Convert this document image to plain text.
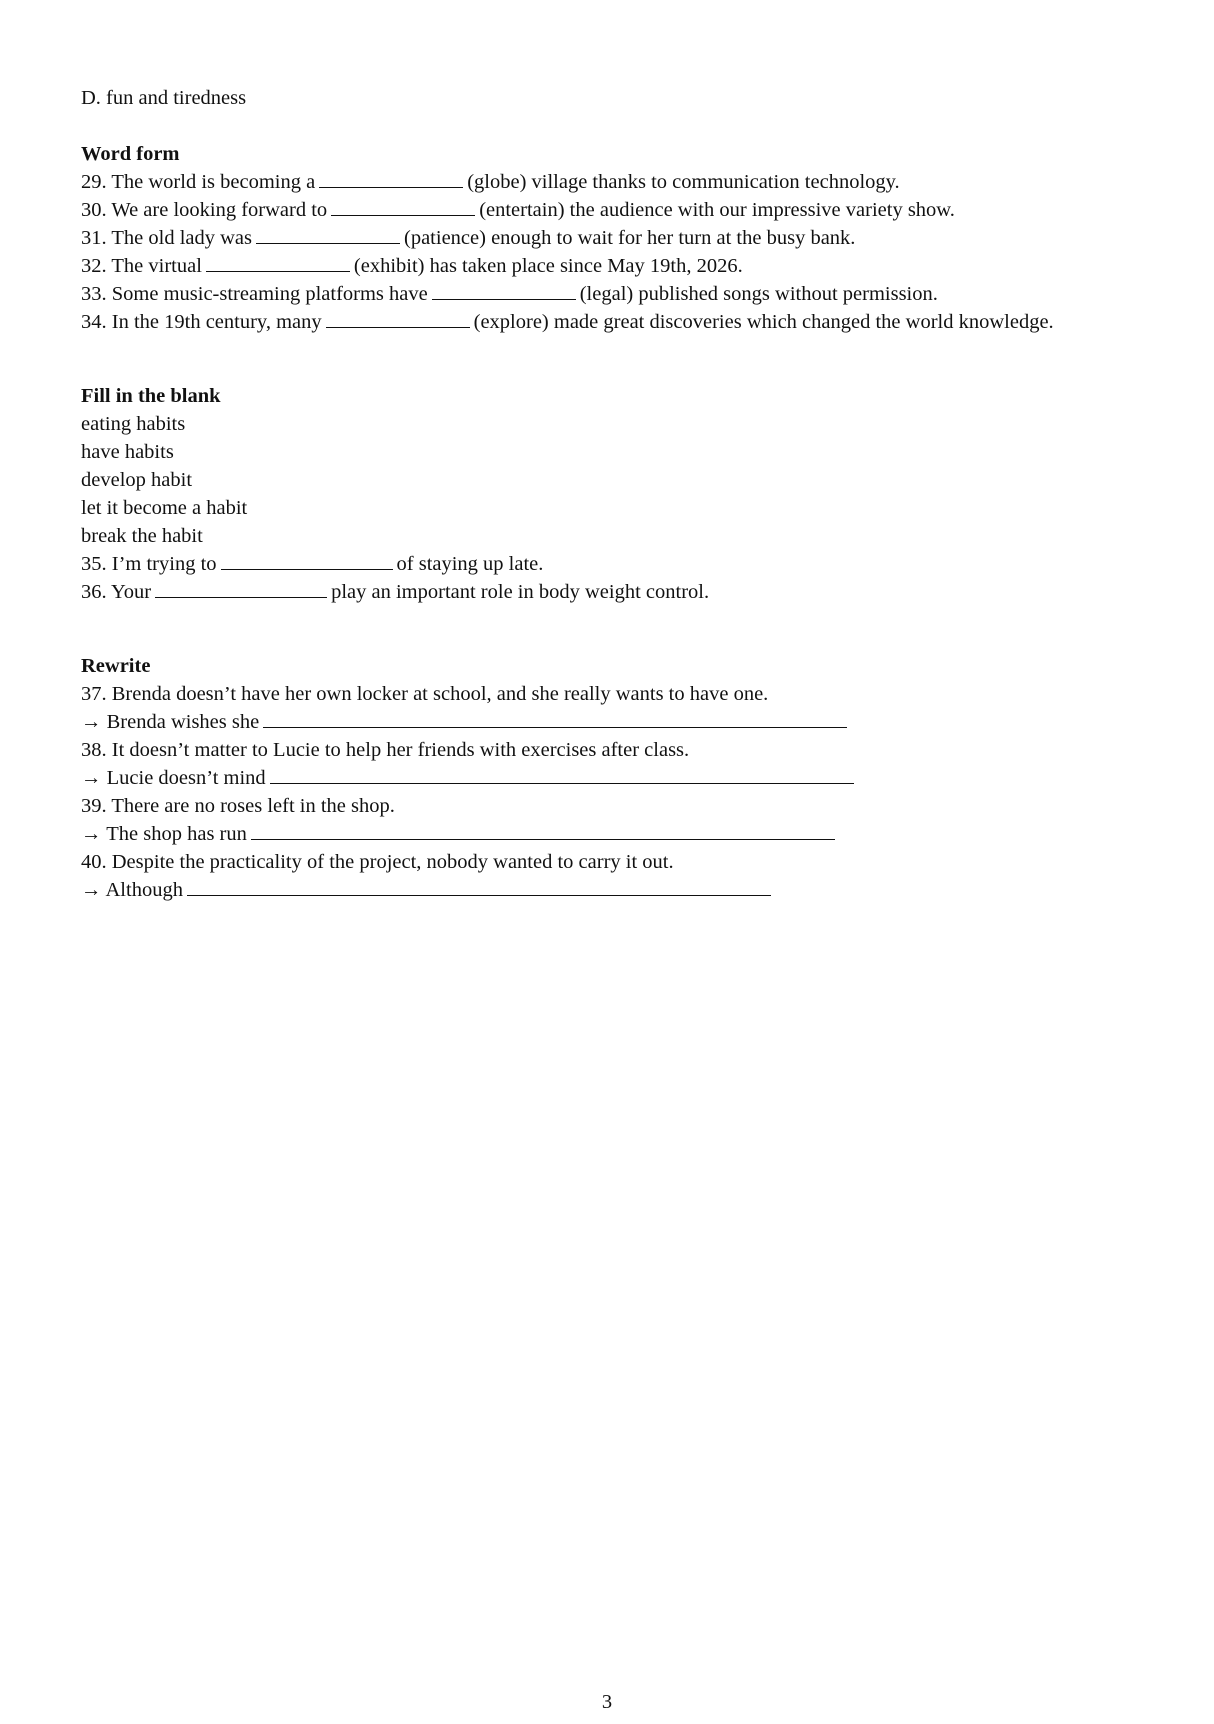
D. fun and tiredness
Word form
29. The world is becoming a	(globe) village thanks to communication technology.
30. We are looking forward to	(entertain) the audience with our impressive variety show.
31. The old lady was	(patience) enough to wait for her turn at the busy bank.
32. The virtual	(exhibit) has taken place since May 19th, 2026.
33. Some music-streaming platforms have	(legal) published songs without permission.
34. In the 19th century, many	(explore) made great discoveries which changed the world knowledge.
Fill in the blank
eating habits
have habits
develop habit
let it become a habit
break the habit
35. I’m trying to	of staying up late.
36. Your	play an important role in body weight control.
Rewrite
37. Brenda doesn’t have her own locker at school, and she really wants to have one.
→ Brenda wishes she
38. It doesn’t matter to Lucie to help her friends with exercises after class.
→ Lucie doesn’t mind
39. There are no roses left in the shop.
→ The shop has run
40. Despite the practicality of the project, nobody wanted to carry it out.
→ Although
3
